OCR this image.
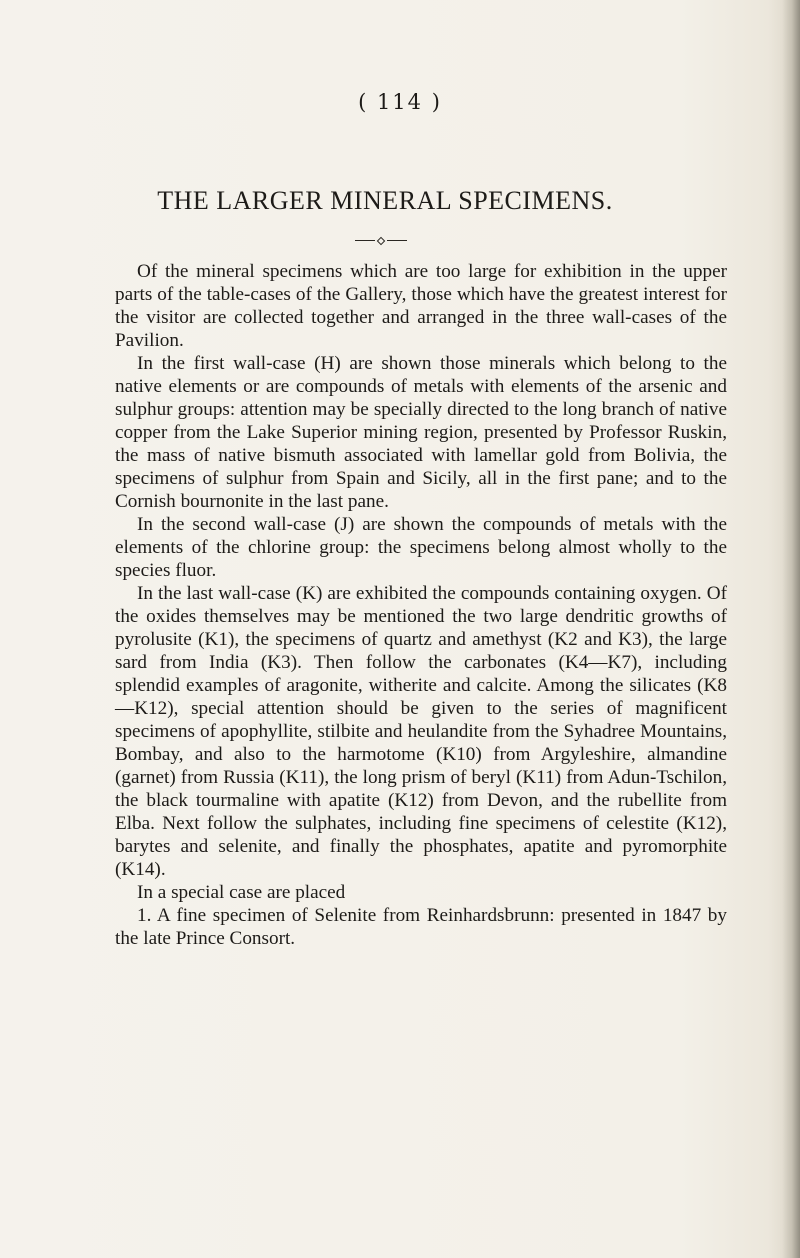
( 114 )
THE LARGER MINERAL SPECIMENS.

Of the mineral specimens which are too large for exhibition in the upper parts of the table-cases of the Gallery, those which have the greatest interest for the visitor are collected together and arranged in the three wall-cases of the Pavilion.

In the first wall-case (H) are shown those minerals which belong to the native elements or are compounds of metals with elements of the arsenic and sulphur groups: attention may be specially directed to the long branch of native copper from the Lake Superior mining region, presented by Professor Ruskin, the mass of native bismuth associated with lamellar gold from Bolivia, the specimens of sulphur from Spain and Sicily, all in the first pane; and to the Cornish bournonite in the last pane.

In the second wall-case (J) are shown the compounds of metals with the elements of the chlorine group: the specimens belong almost wholly to the species fluor.

In the last wall-case (K) are exhibited the compounds containing oxygen. Of the oxides themselves may be mentioned the two large dendritic growths of pyrolusite (K1), the specimens of quartz and amethyst (K2 and K3), the large sard from India (K3). Then follow the carbonates (K4—K7), including splendid examples of aragonite, witherite and calcite. Among the silicates (K8—K12), special attention should be given to the series of magnificent specimens of apophyllite, stilbite and heulandite from the Syhadree Mountains, Bombay, and also to the harmotome (K10) from Argyleshire, almandine (garnet) from Russia (K11), the long prism of beryl (K11) from Adun-Tschilon, the black tourmaline with apatite (K12) from Devon, and the rubellite from Elba. Next follow the sulphates, including fine specimens of celestite (K12), barytes and selenite, and finally the phosphates, apatite and pyromorphite (K14).

In a special case are placed

1. A fine specimen of Selenite from Reinhardsbrunn: presented in 1847 by the late Prince Consort.
